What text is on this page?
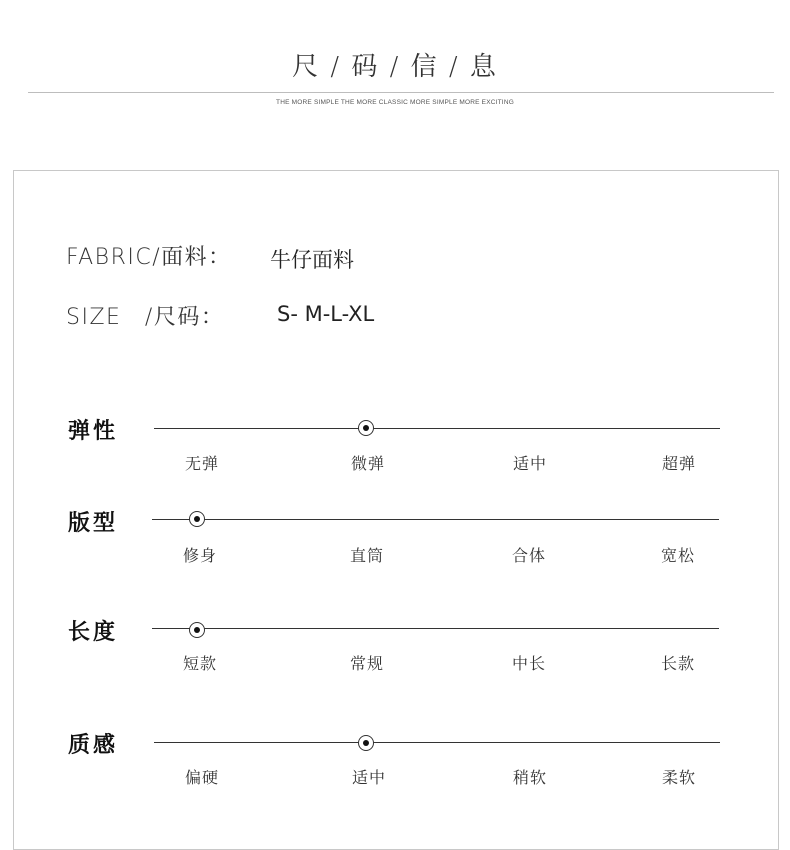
尺 / 码 / 信 / 息
THE MORE SIMPLE THE MORE CLASSIC MORE SIMPLE MORE EXCITING
FABRIC/面料： 牛仔面料
SIZE　/尺码：	S- M-L-XL
弹性
无弹	微弹	适中	超弹
版型
修身	直筒	合体	宽松
长度
短款	常规	中长	长款
质感
偏硬	适中	稍软	柔软
